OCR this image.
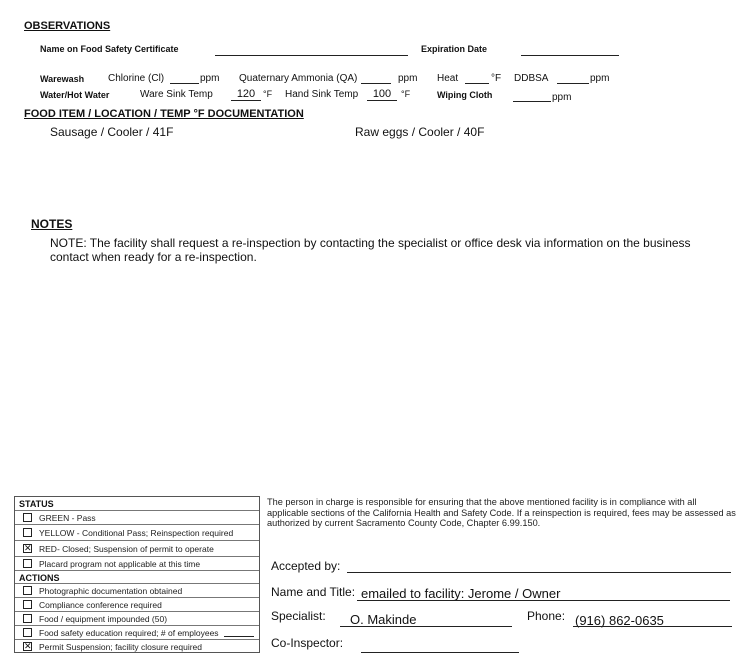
OBSERVATIONS
Name on Food Safety Certificate	Expiration Date
Warewash Chlorine (Cl)	ppm Quaternary Ammonia (QA)	ppm Heat	°F DDBSA	ppm
Water/Hot Water	Ware Sink Temp	120 °F Hand Sink Temp	100	°F	Wiping Cloth	ppm
FOOD ITEM / LOCATION / TEMP °F DOCUMENTATION
Sausage / Cooler / 41F	Raw eggs / Cooler / 40F
NOTES
NOTE: The facility shall request a re-inspection by contacting the specialist or office desk via information on the business contact when ready for a re-inspection.
STATUS
GREEN - Pass
YELLOW - Conditional Pass; Reinspection required
✕ RED- Closed; Suspension of permit to operate
Placard program not applicable at this time
ACTIONS
Photographic documentation obtained
Compliance conference required
Food / equipment impounded (50)
Food safety education required; # of employees
✕ Permit Suspension; facility closure required
The person in charge is responsible for ensuring that the above mentioned facility is in compliance with all applicable sections of the California Health and Safety Code. If a reinspection is required, fees may be assessed as authorized by current Sacramento County Code, Chapter 6.99.150.
Accepted by:
Name and Title: emailed to facility: Jerome / Owner
Specialist: O. Makinde	Phone: (916) 862-0635
Co-Inspector:
